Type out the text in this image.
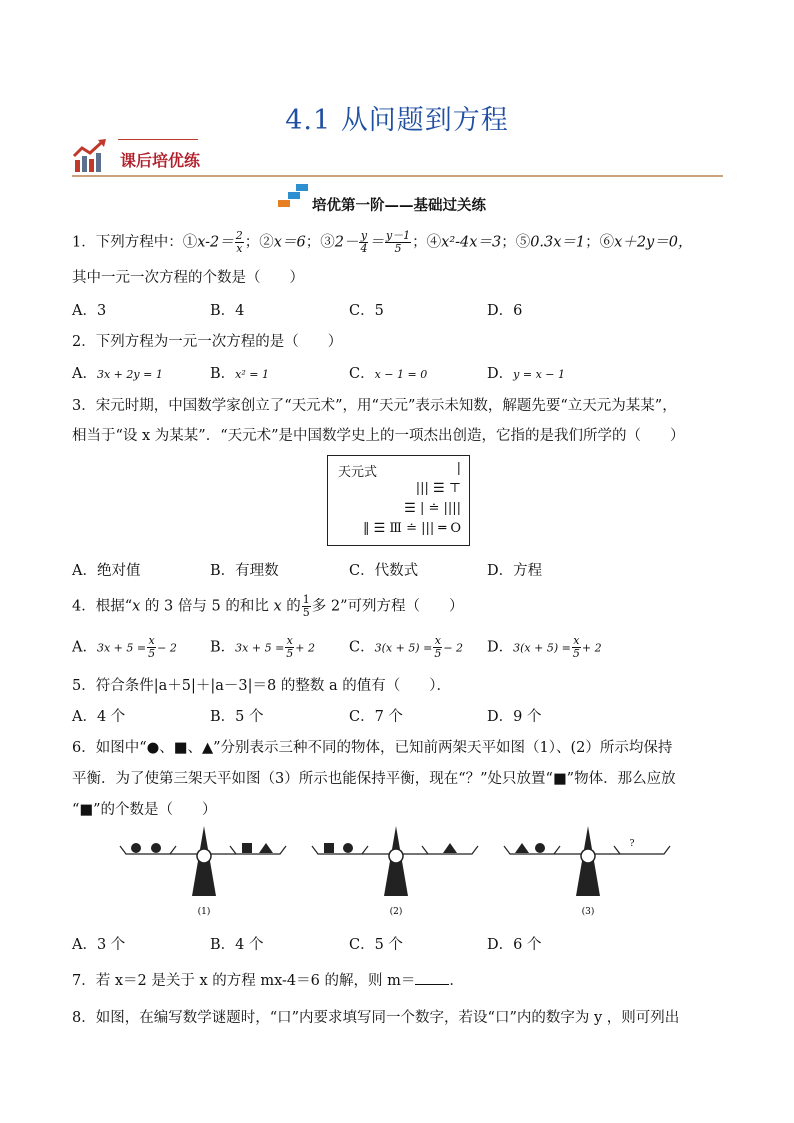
4.1 从问题到方程
课后培优练
培优第一阶——基础过关练
1．下列方程中：①x-2＝ $\frac{2}{x}$ ；②x＝6；③2－ $\frac{y}{4} = \frac{y-1}{5}$ ；④x²-4x＝3；⑤0.3x＝1；⑥x＋2y＝0，
其中一元一次方程的个数是（　　）
A．3	B．4	C．5	D．6
2．下列方程为一元一次方程的是（　　）
A．3x + 2y = 1	B．x² = 1	C．x − 1 = 0	D．y = x − 1
3．宋元时期，中国数学家创立了“天元术”，用“天元”表示未知数，解题先要“立天元为某某”，
相当于“设 x 为某某”．“天元术”是中国数学史上的一项杰出创造，它指的是我们所学的（　　）
天元式	|
||| ☰ ⊤
☰ | ≐ ||||
‖ ☰ Ⅲ ≐ ||| ═ O
A．绝对值	B．有理数	C．代数式	D．方程
4．根据“x 的 3 倍与 5 的和比 x 的 $\frac{1}{5}$ 多 2”可列方程（　　）
A．$3x + 5 = \frac{x}{5} - 2$ B．$3x + 5 = \frac{x}{5} + 2$ C．$3(x + 5) = \frac{x}{5} - 2$ D．$3(x + 5) = \frac{x}{5} + 2$
5．符合条件|a＋5|＋|a－3|＝8 的整数 a 的值有（　　）．
A．4 个	B．5 个	C．7 个	D．9 个
6．如图中“●、■、▲”分别表示三种不同的物体，已知前两架天平如图（1）、(2）所示均保持
平衡．为了使第三架天平如图（3）所示也能保持平衡，现在“？”处只放置“■”物体．那么应放
“■”的个数是（　　）
(1)	(2)
?
(3)
A．3 个	B．4 个	C．5 个	D．6 个
7．若 x＝2 是关于 x 的方程 mx-4＝6 的解，则 m＝ ．
8．如图，在编写数学谜题时，“口”内要求填写同一个数字，若设“口”内的数字为 y ，则可列出
